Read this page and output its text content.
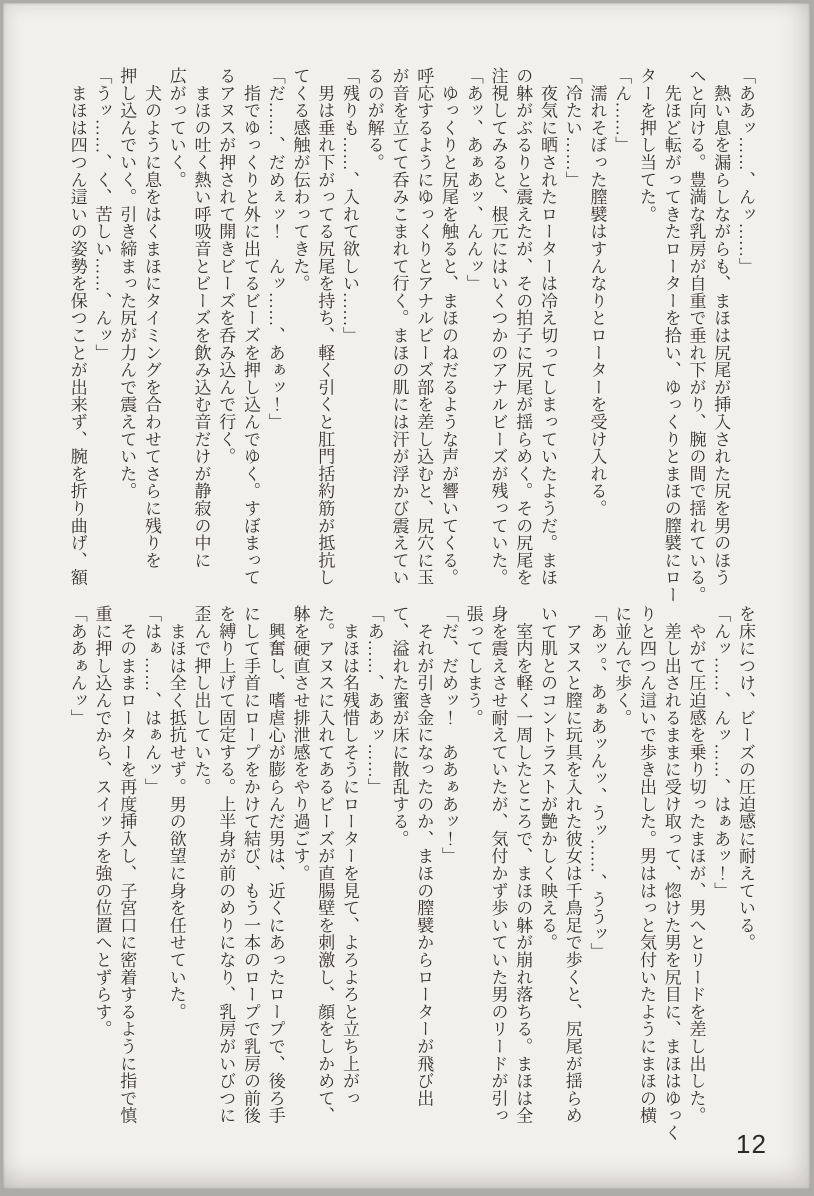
「ああッ……、んッ……」
　熱い息を漏らしながらも、まほは尻尾が挿入された尻を男のほう
へと向ける。豊満な乳房が自重で垂れ下がり、腕の間で揺れている。
　先ほど転がってきたローターを拾い、ゆっくりとまほの膣襞にロー
ターを押し当てた。
「ん……」
　濡れそぼった膣襞はすんなりとローターを受け入れる。
「冷たい……」
　夜気に晒されたローターは冷え切ってしまっていたようだ。まほ
の躰がぶるりと震えたが、その拍子に尻尾が揺らめく。その尻尾を
注視してみると、根元にはいくつかのアナルビーズが残っていた。
「あッ、あぁあッ、んんッ」
　ゆっくりと尻尾を触ると、まほのねだるような声が響いてくる。
呼応するようにゆっくりとアナルビーズ部を差し込むと、尻穴に玉
が音を立てて呑みこまれて行く。まほの肌には汗が浮かび震えてい
るのが解る。
「残りも……、入れて欲しい……」
　男は垂れ下がってる尻尾を持ち、軽く引くと肛門括約筋が抵抗し
てくる感触が伝わってきた。
「だ……、だめぇッ！　んッ……、あぁッ！」
　指でゆっくりと外に出てるビーズを押し込んでゆく。すぼまって
るアヌスが押されて開きビーズを呑み込んで行く。
　まほの吐く熱い呼吸音とビーズを飲み込む音だけが静寂の中に
広がっていく。
　犬のように息をはくまほにタイミングを合わせてさらに残りを
押し込んでいく。引き締まった尻が力んで震えていた。
「うッ……、く、苦しい……、んッ」
　まほは四つん這いの姿勢を保つことが出来ず、腕を折り曲げ、額
を床につけ、ビーズの圧迫感に耐えている。
「んッ……、んッ……、はぁあッ！」
　やがて圧迫感を乗り切ったまほが、男へとリードを差し出した。
　差し出されるままに受け取って、惚けた男を尻目に、まほはゆっく
りと四つん這いで歩き出した。男ははっと気付いたようにまほの横
に並んで歩く。
「あッ。、あぁあッんッ、うッ……、ううッ」
　アヌスと膣に玩具を入れた彼女は千鳥足で歩くと、尻尾が揺らめ
いて肌とのコントラストが艶かしく映える。
　室内を軽く一周したところで、まほの躰が崩れ落ちる。まほは全
身を震えさせ耐えていたが、気付かず歩いていた男のリードが引っ
張ってしまう。
「だ、だめッ！　ああぁあッ！」
　それが引き金になったのか、まほの膣襞からローターが飛び出
て、溢れた蜜が床に散乱する。
「あ……、ああッ……」
　まほは名残惜しそうにローターを見て、よろよろと立ち上がっ
た。アヌスに入れてあるビーズが直腸壁を刺激し、顔をしかめて、
躰を硬直させ排泄感をやり過ごす。
　興奮し、嗜虐心が膨らんだ男は、近くにあったロープで、後ろ手
にして手首にロープをかけて結び、もう一本のロープで乳房の前後
を縛り上げて固定する。上半身が前のめりになり、乳房がいびつに
歪んで押し出していた。
　まほは全く抵抗せず。男の欲望に身を任せていた。
「はぁ……、はぁんッ」
　そのままローターを再度挿入し、子宮口に密着するように指で慎
重に押し込んでから、スイッチを強の位置へとずらす。
「ああぁんッ」
12
